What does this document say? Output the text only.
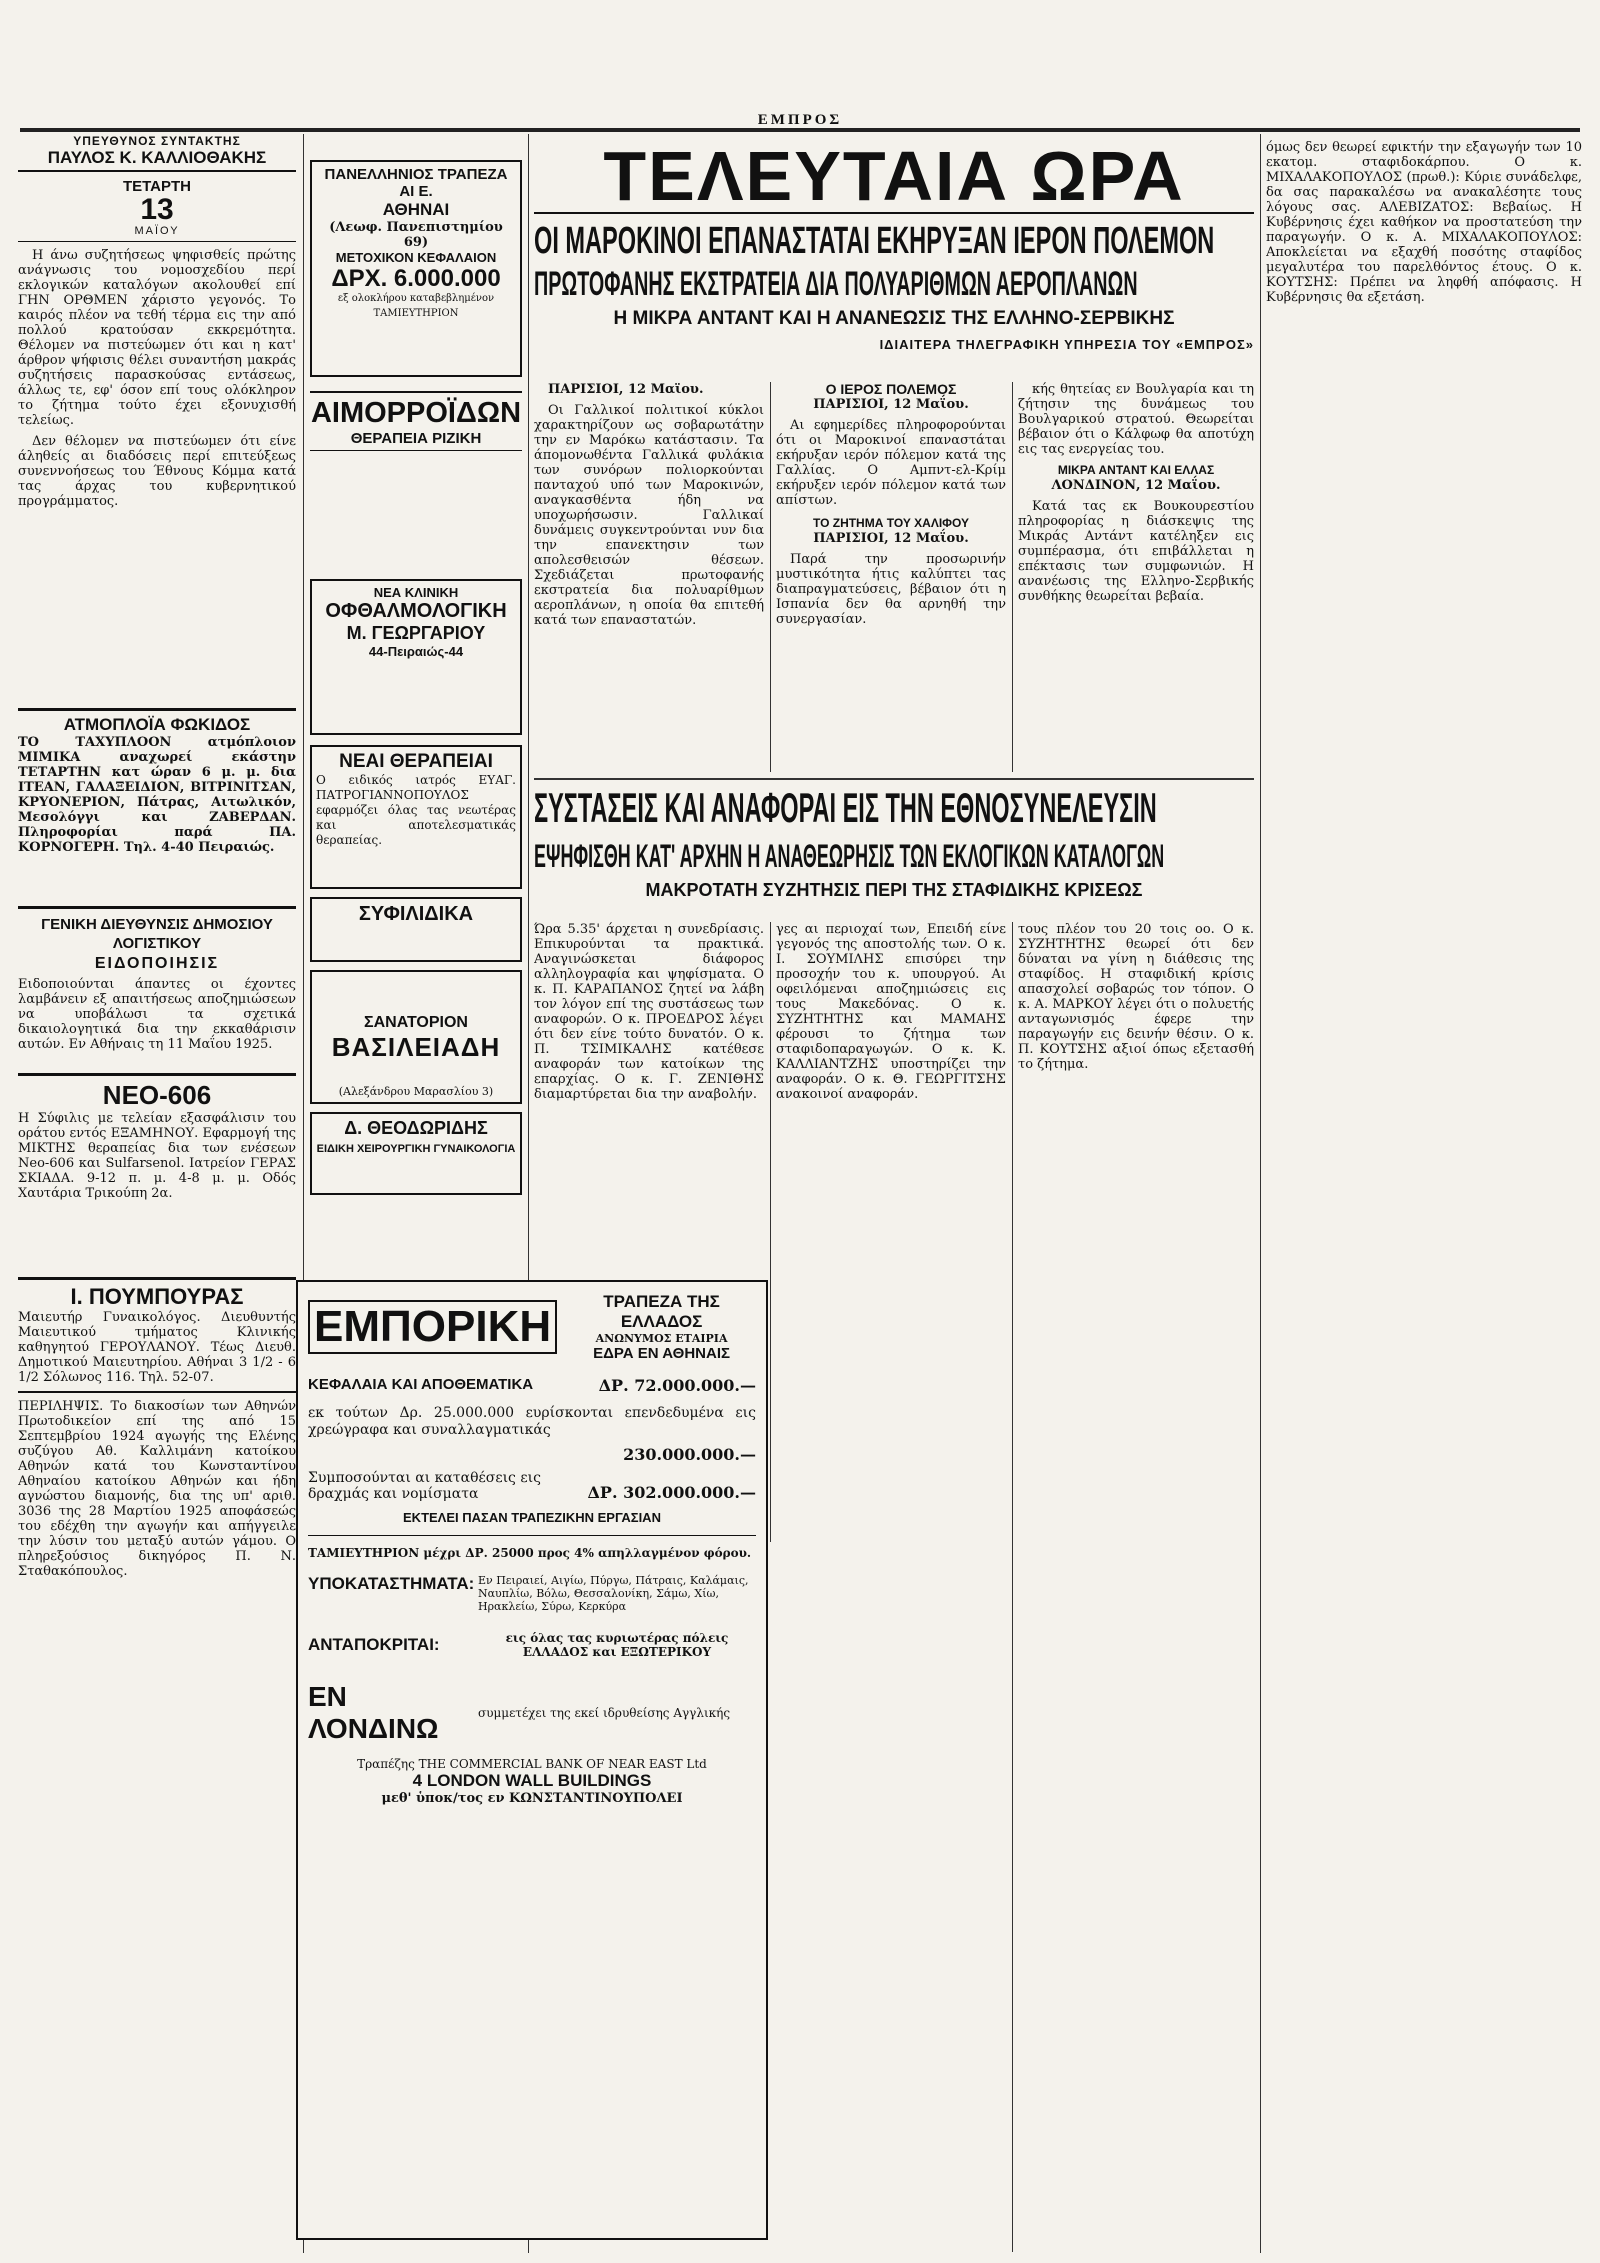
ΕΜΠΡΟΣ
ΥΠΕΥΘΥΝΟΣ ΣΥΝΤΑΚΤΗΣ
ΠΑΥΛΟΣ Κ. ΚΑΛΛΙΟΘΑΚΗΣ
ΤΕΤΑΡΤΗ
13
ΜΑΪΟΥ

Η άνω συζητήσεως ψηφισθείς πρώτης ανάγνωσις του νομοσχεδίου περί εκλογικών καταλόγων ακολουθεί επί ΓΗΝ ΟΡΘΜΕΝ χάριστο γεγονός. Το καιρός πλέον να τεθή τέρμα εις την από πολλού κρατούσαν εκκρεμότητα. Θέλομεν να πιστεύωμεν ότι και η κατ' άρθρον ψήφισις θέλει συναντήση μακράς συζητήσεις παρασκούσας εντάσεως, άλλως τε, εφ' όσον επί τους ολόκληρον το ζήτημα τούτο έχει εξονυχισθή τελείως.

Δεν θέλομεν να πιστεύωμεν ότι είνε άληθείς αι διαδόσεις περί επιτεύξεως συνεννοήσεως του Έθνους Κόμμα κατά τας άρχας του κυβερνητικού προγράμματος.

ΑΤΜΟΠΛΟΪΑ ΦΩΚΙΔΟΣ
ΤΟ ΤΑΧΥΠΛΟΟΝ ατμόπλοιον ΜΙΜΙΚΑ αναχωρεί εκάστην ΤΕΤΑΡΤΗΝ κατ ώραν 6 μ. μ. δια ΙΤΕΑΝ, ΓΑΛΑΞΕΙΔΙΟΝ, ΒΙΤΡΙΝΙΤΣΑΝ, ΚΡΥΟΝΕΡΙΟΝ, Πάτρας, Αιτωλικόν, Μεσολόγγι και ΖΑΒΕΡΔΑΝ. Πληροφορίαι παρά ΠΑ. ΚΟΡΝΟΓΕΡΗ. Τηλ. 4-40 Πειραιώς.
ΓΕΝΙΚΗ ΔΙΕΥΘΥΝΣΙΣ ΔΗΜΟΣΙΟΥ ΛΟΓΙΣΤΙΚΟΥ
ΕΙΔΟΠΟΙΗΣΙΣ
Ειδοποιούνται άπαντες οι έχοντες λαμβάνειν εξ απαιτήσεως αποζημιώσεων να υποβάλωσι τα σχετικά δικαιολογητικά δια την εκκαθάρισιν αυτών. Εν Αθήναις τη 11 Μαΐου 1925.
NEO-606
Η Σύφιλις με τελείαν εξασφάλισιν του οράτου εντός ΕΞΑΜΗΝΟΥ. Εφαρμογή της ΜΙΚΤΗΣ θεραπείας δια των ενέσεων Neo-606 και Sulfarsenol. Ιατρείον ΓΕΡΑΣ ΣΚΙΑΔΑ. 9-12 π. μ. 4-8 μ. μ. Οδός Χαυτάρια Τρικούπη 2α.
Ι. ΠΟΥΜΠΟΥΡΑΣ
Μαιευτήρ Γυναικολόγος. Διευθυντής Μαιευτικού τμήματος Κλινικής καθηγητού ΓΕΡΟΥΛΑΝΟΥ. Τέως Διευθ. Δημοτικού Μαιευτηρίου. Αθήναι 3 1/2 - 6 1/2 Σόλωνος 116. Τηλ. 52-07.
ΠΕΡΙΛΗΨΙΣ. Το διακοσίων των Αθηνών Πρωτοδικείον επί της από 15 Σεπτεμβρίου 1924 αγωγής της Ελένης συζύγου Αθ. Καλλιμάνη κατοίκου Αθηνών κατά του Κωνσταντίνου Αθηναίου κατοίκου Αθηνών και ήδη αγνώστου διαμονής, δια της υπ' αριθ. 3036 της 28 Μαρτίου 1925 αποφάσεώς του εδέχθη την αγωγήν και απήγγειλε την λύσιν του μεταξύ αυτών γάμου. Ο πληρεξούσιος δικηγόρος Π. Ν. Σταθακόπουλος.
ΠΑΝΕΛΛΗΝΙΟΣ ΤΡΑΠΕΖΑ ΑΙ Ε.
ΑΘΗΝΑΙ
(Λεωφ. Πανεπιστημίου 69)
ΜΕΤΟΧΙΚΟΝ ΚΕΦΑΛΑΙΟΝ
ΔΡΧ. 6.000.000
εξ ολοκλήρου καταβεβλημένον
ΤΑΜΙΕΥΤΗΡΙΟΝ
ΑΙΜΟΡΡΟΪΔΩΝ
ΘΕΡΑΠΕΙΑ ΡΙΖΙΚΗ
ΝΕΑ ΚΛΙΝΙΚΗ
ΟΦΘΑΛΜΟΛΟΓΙΚΗ
Μ. ΓΕΩΡΓΑΡΙΟΥ
44-Πειραιώς-44
ΝΕΑΙ ΘΕΡΑΠΕΙΑΙ
Ο ειδικός ιατρός ΕΥΑΓ. ΠΑΤΡΟΓΙΑΝΝΟΠΟΥΛΟΣ εφαρμόζει όλας τας νεωτέρας και αποτελεσματικάς θεραπείας.
ΣΥΦΙΛΙΔΙΚΑ
ΣΑΝΑΤΟΡΙΟΝ
ΒΑΣΙΛΕΙΑΔΗ
(Αλεξάνδρου Μαρασλίου 3)
Δ. ΘΕΟΔΩΡΙΔΗΣ
ΕΙΔΙΚΗ ΧΕΙΡΟΥΡΓΙΚΗ ΓΥΝΑΙΚΟΛΟΓΙΑ
ΤΕΛΕΥΤΑΙΑ ΩΡΑ
ΟΙ ΜΑΡΟΚΙΝΟΙ ΕΠΑΝΑΣΤΑΤΑΙ ΕΚΗΡΥΞΑΝ ΙΕΡΟΝ ΠΟΛΕΜΟΝ
ΠΡΩΤΟΦΑΝΗΣ ΕΚΣΤΡΑΤΕΙΑ ΔΙΑ ΠΟΛΥΑΡΙΘΜΩΝ ΑΕΡΟΠΛΑΝΩΝ
Η ΜΙΚΡΑ ΑΝΤΑΝΤ ΚΑΙ Η ΑΝΑΝΕΩΣΙΣ ΤΗΣ ΕΛΛΗΝΟ-ΣΕΡΒΙΚΗΣ
ΙΔΙΑΙΤΕΡΑ ΤΗΛΕΓΡΑΦΙΚΗ ΥΠΗΡΕΣΙΑ ΤΟΥ «ΕΜΠΡΟΣ»

ΠΑΡΙΣΙΟΙ, 12 Μαΐου.

Οι Γαλλικοί πολιτικοί κύκλοι χαρακτηρίζουν ως σοβαρωτάτην την εν Μαρόκω κατάστασιν. Τα άπομονωθέντα Γαλλικά φυλάκια των συνόρων πολιορκούνται πανταχού υπό των Μαροκινών, αναγκασθέντα ήδη να υποχωρήσωσιν. Γαλλικαί δυνάμεις συγκεντρούνται νυν δια την επανεκτησιν των απολεσθεισών θέσεων. Σχεδιάζεται πρωτοφανής εκστρατεία δια πολυαρίθμων αεροπλάνων, η οποία θα επιτεθή κατά των επαναστατών.

Ο ΙΕΡΟΣ ΠΟΛΕΜΟΣ

ΠΑΡΙΣΙΟΙ, 12 Μαΐου.

Αι εφημερίδες πληροφορούνται ότι οι Μαροκινοί επαναστάται εκήρυξαν ιερόν πόλεμον κατά της Γαλλίας. Ο Αμπντ-ελ-Κρίμ εκήρυξεν ιερόν πόλεμον κατά των απίστων.

ΤΟ ΖΗΤΗΜΑ ΤΟΥ ΧΑΛΙΦΟΥ

ΠΑΡΙΣΙΟΙ, 12 Μαΐου.

Παρά την προσωρινήν μυστικότητα ήτις καλύπτει τας διαπραγματεύσεις, βέβαιον ότι η Ισπανία δεν θα αρνηθή την συνεργασίαν.

κής θητείας εν Βουλγαρία και τη ζήτησιν της δυνάμεως του Βουλγαρικού στρατού. Θεωρείται βέβαιον ότι ο Κάλφωφ θα αποτύχη εις τας ενεργείας του.

ΜΙΚΡΑ ΑΝΤΑΝΤ ΚΑΙ ΕΛΛΑΣ

ΛΟΝΔΙΝΟΝ, 12 Μαΐου.

Κατά τας εκ Βουκουρεστίου πληροφορίας η διάσκεψις της Μικράς Αντάντ κατέληξεν εις συμπέρασμα, ότι επιβάλλεται η επέκτασις των συμφωνιών. Η ανανέωσις της Ελληνο-Σερβικής συνθήκης θεωρείται βεβαία.

ΣΥΣΤΑΣΕΙΣ ΚΑΙ ΑΝΑΦΟΡΑΙ ΕΙΣ ΤΗΝ ΕΘΝΟΣΥΝΕΛΕΥΣΙΝ
ΕΨΗΦΙΣΘΗ ΚΑΤ' ΑΡΧΗΝ Η ΑΝΑΘΕΩΡΗΣΙΣ ΤΩΝ ΕΚΛΟΓΙΚΩΝ ΚΑΤΑΛΟΓΩΝ
ΜΑΚΡΟΤΑΤΗ ΣΥΖΗΤΗΣΙΣ ΠΕΡΙ ΤΗΣ ΣΤΑΦΙΔΙΚΗΣ ΚΡΙΣΕΩΣ
Ώρα 5.35' άρχεται η συνεδρίασις. Επικυρούνται τα πρακτικά. Αναγινώσκεται διάφορος αλληλογραφία και ψηφίσματα. Ο κ. Π. ΚΑΡΑΠΑΝΟΣ ζητεί να λάβη τον λόγον επί της συστάσεως των αναφορών. Ο κ. ΠΡΟΕΔΡΟΣ λέγει ότι δεν είνε τούτο δυνατόν. Ο κ. Π. ΤΣΙΜΙΚΑΛΗΣ κατέθεσε αναφοράν των κατοίκων της επαρχίας. Ο κ. Γ. ΖΕΝΙΘΗΣ διαμαρτύρεται δια την αναβολήν.
γες αι περιοχαί των, Επειδή είνε γεγονός της αποστολής των. Ο κ. Ι. ΣΟΥΜΙΛΗΣ επισύρει την προσοχήν του κ. υπουργού. Αι οφειλόμεναι αποζημιώσεις εις τους Μακεδόνας. Ο κ. ΣΥΖΗΤΗΤΗΣ και ΜΑΜΑΗΣ φέρουσι το ζήτημα των σταφιδοπαραγωγών. Ο κ. Κ. ΚΑΛΛΙΑΝΤΖΗΣ υποστηρίζει την αναφοράν. Ο κ. Θ. ΓΕΩΡΓΙΤΣΗΣ ανακοινοί αναφοράν.
τους πλέον του 20 τοις οο. Ο κ. ΣΥΖΗΤΗΤΗΣ θεωρεί ότι δεν δύναται να γίνη η διάθεσις της σταφίδος. Η σταφιδική κρίσις απασχολεί σοβαρώς τον τόπον. Ο κ. Α. ΜΑΡΚΟΥ λέγει ότι ο πολυετής ανταγωνισμός έφερε την παραγωγήν εις δεινήν θέσιν. Ο κ. Π. ΚΟΥΤΣΗΣ αξιοί όπως εξετασθή το ζήτημα.
όμως δεν θεωρεί εφικτήν την εξαγωγήν των 10 εκατομ. σταφιδοκάρπου. Ο κ. ΜΙΧΑΛΑΚΟΠΟΥΛΟΣ (πρωθ.): Κύριε συνάδελφε, δα σας παρακαλέσω να ανακαλέσητε τους λόγους σας. ΑΛΕΒΙΖΑΤΟΣ: Βεβαίως. Η Κυβέρνησις έχει καθήκον να προστατεύση την παραγωγήν. Ο κ. Α. ΜΙΧΑΛΑΚΟΠΟΥΛΟΣ: Αποκλείεται να εξαχθή ποσότης σταφίδος μεγαλυτέρα του παρελθόντος έτους. Ο κ. ΚΟΥΤΣΗΣ: Πρέπει να ληφθή απόφασις. Η Κυβέρνησις θα εξετάση.
ΕΜΠΟΡΙΚΗ
ΤΡΑΠΕΖΑ ΤΗΣ ΕΛΛΑΔΟΣ
ΑΝΩΝΥΜΟΣ ΕΤΑΙΡΙΑ
ΕΔΡΑ ΕΝ ΑΘΗΝΑΙΣ
ΚΕΦΑΛΑΙΑ ΚΑΙ ΑΠΟΘΕΜΑΤΙΚΑ	ΔΡ. 72.000.000.—
εκ τούτων Δρ. 25.000.000 ευρίσκονται επενδεδυμένα εις χρεώγραφα και συναλλαγματικάς
230.000.000.—
Συμποσούνται αι καταθέσεις εις δραχμάς και νομίσματα	ΔΡ. 302.000.000.—
ΕΚΤΕΛΕΙ ΠΑΣΑΝ ΤΡΑΠΕΖΙΚΗΝ ΕΡΓΑΣΙΑΝ
ΤΑΜΙΕΥΤΗΡΙΟΝ μέχρι ΔΡ. 25000 προς 4% απηλλαγμένον φόρου.
ΥΠΟΚΑΤΑΣΤΗΜΑΤΑ: Εν Πειραιεί, Αιγίω, Πύργω, Πάτραις, Καλάμαις, Ναυπλίω, Βόλω, Θεσσαλονίκη, Σάμω, Χίω, Ηρακλείω, Σύρω, Κερκύρα
ΑΝΤΑΠΟΚΡΙΤΑΙ:	εις όλας τας κυριωτέρας πόλεις ΕΛΛΑΔΟΣ και ΕΞΩΤΕΡΙΚΟΥ
ΕΝ ΛΟΝΔΙΝΩ	συμμετέχει της εκεί ιδρυθείσης Αγγλικής
Τραπέζης THE COMMERCIAL BANK OF NEAR EAST Ltd
4 LONDON WALL BUILDINGS
μεθ' ὑποκ/τος εν ΚΩΝΣΤΑΝΤΙΝΟΥΠΟΛΕΙ
